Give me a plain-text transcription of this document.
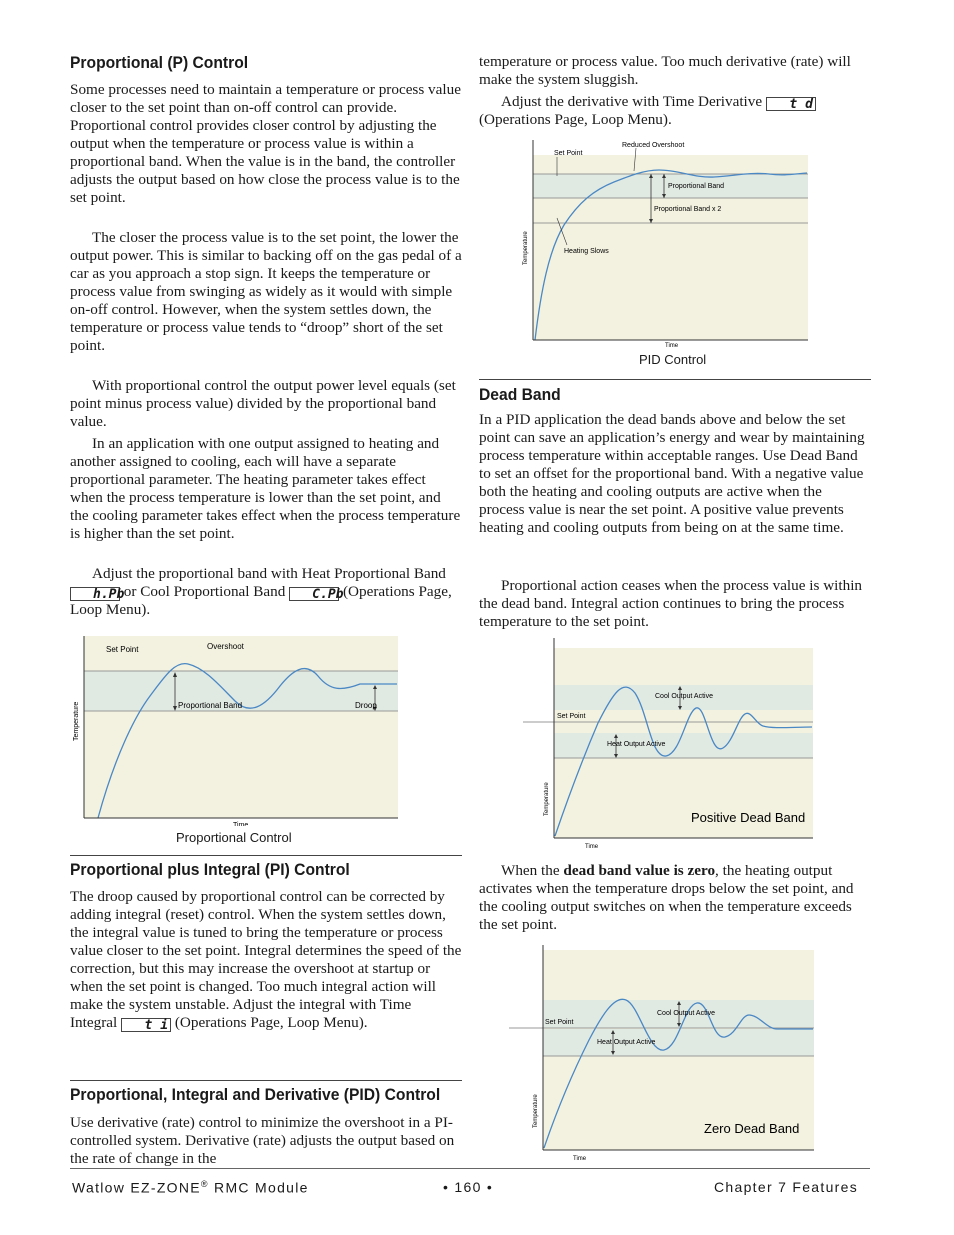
Proportional (P) Control

Some processes need to maintain a temperature or process value closer to the set point than on-off control can provide. Proportional control provides closer control by adjusting the output when the temperature or process value is within a proportional band. When the value is in the band, the controller adjusts the output based on how close the process value is to the set point.

The closer the process value is to the set point, the lower the output power. This is similar to backing off on the gas pedal of a car as you approach a stop sign. It keeps the temperature or process value from swinging as widely as it would with simple on-off control. However, when the system settles down, the temperature or process value tends to “droop” short of the set point.

With proportional control the output power level equals (set point minus process value) divided by the proportional band value.

In an application with one output assigned to heating and another assigned to cooling, each will have a separate proportional parameter. The heating parameter takes effect when the process temperature is lower than the set point, and the cooling parameter takes effect when the process temperature is higher than the set point.

Adjust the proportional band with Heat Proportional Band h.Pb or Cool Proportional Band C.Pb (Operations Page, Loop Menu).

Set Point	Overshoot
Proportional Band	Droop
Temperature
Time
Proportional Control
Proportional plus Integral (PI) Control

The droop caused by proportional control can be corrected by adding integral (reset) control. When the system settles down, the integral value is tuned to bring the temperature or process value closer to the set point. Integral determines the speed of the correction, but this may increase the overshoot at startup or when the set point is changed. Too much integral action will make the system unstable. Adjust the integral with Time Integral t i (Operations Page, Loop Menu).

Proportional, Integral and Derivative (PID) Control

Use derivative (rate) control to minimize the overshoot in a PI-controlled system. Derivative (rate) adjusts the output based on the rate of change in the

temperature or process value. Too much derivative (rate) will make the system sluggish.

Adjust the derivative with Time Derivative t d (Operations Page, Loop Menu).

Set Point
Reduced Overshoot
Proportional Band
Proportional Band x 2
Heating Slows
Temperature
Time
PID Control
Dead Band

In a PID application the dead bands above and below the set point can save an application’s energy and wear by maintaining process temperature within acceptable ranges. Use Dead Band to set an offset for the proportional band. With a negative value both the heating and cooling outputs are active when the process value is near the set point. A positive value prevents heating and cooling outputs from being on at the same time.

Proportional action ceases when the process value is within the dead band. Integral action continues to bring the process temperature to the set point.

Cool Output Active
Set Point
Heat Output Active
Positive Dead Band
Temperature
Time

When the dead band value is zero, the heating output activates when the temperature drops below the set point, and the cooling output switches on when the temperature exceeds the set point.

Cool Output Active
Set Point
Heat Output Active
Zero Dead Band
Temperature
Time
Watlow EZ-ZONE® RMC Module	• 160 •	Chapter 7 Features
